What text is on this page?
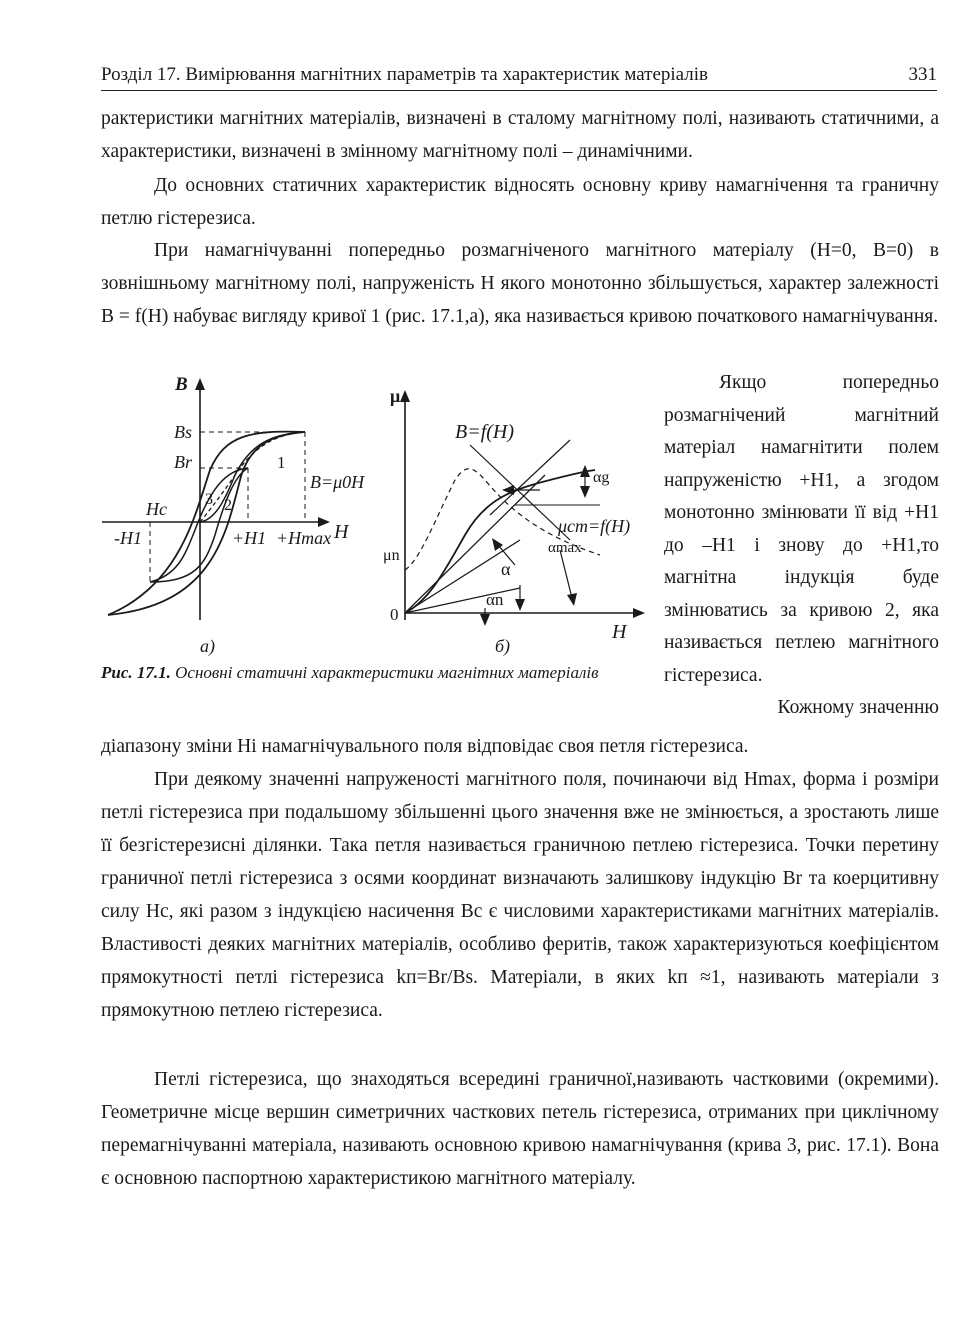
Розділ 17. Вимірювання магнітних параметрів та характеристик матеріалів	331

рактеристики магнітних матеріалів, визначені в сталому магнітному полі, називають статичними, а характеристики, визначені в змінному магнітному полі – динамічними.

До основних статичних характеристик відносять основну криву намагнічення та граничну петлю гістерезиса.

При намагнічуванні попередньо розмагніченого магнітного матеріалу (H=0, B=0) в зовнішньому магнітному полі, напруженість H якого монотонно збільшується, характер залежності B = f(H) набуває вигляду кривої 1 (рис. 17.1,а), яка називається кривою початкового намагнічування.

B
Bs
Br
Hc
-H1	+H1 +Hmax H
B=μ0H
1
2
3
μ
0
μn
B=f(H)
μст=f(H)
α
αn
αmax
αg
H
а)	б)
Рис. 17.1. Основні статичні характеристики магнітних матеріалів

Якщо попередньо розмагнічений магнітний матеріал намагнітити полем напруженістю +H1, а згодом монотонно змінювати її від +H1 до –H1 і знову до +H1,то магнітна індукція буде змінюватись за кривою 2, яка називається петлею магнітного гістерезиса.
Кожному значенню

діапазону зміни Hi намагнічувального поля відповідає своя петля гістерезиса.

При деякому значенні напруженості магнітного поля, починаючи від Hmax, форма і розміри петлі гістерезиса при подальшому збільшенні цього значення вже не змінюється, а зростають лише її безгістерезисні ділянки. Така петля називається граничною петлею гістерезиса. Точки перетину граничної петлі гістерезиса з осями координат визначають залишкову індукцію Br та коерцитивну силу Hc, які разом з індукцією насичення Bc є числовими характеристиками магнітних матеріалів. Властивості деяких магнітних матеріалів, особливо феритів, також характеризуються коефіцієнтом прямокутності петлі гістерезиса kп=Br/Bs. Матеріали, в яких kп ≈1, називають матеріали з прямокутною петлею гістерезиса.

Петлі гістерезиса, що знаходяться всередині граничної,називають частковими (окремими). Геометричне місце вершин симетричних часткових петель гістерезиса, отриманих при циклічному перемагнічуванні матеріала, називають основною кривою намагнічування (крива 3, рис. 17.1). Вона є основною паспортною характеристикою магнітного матеріалу.
